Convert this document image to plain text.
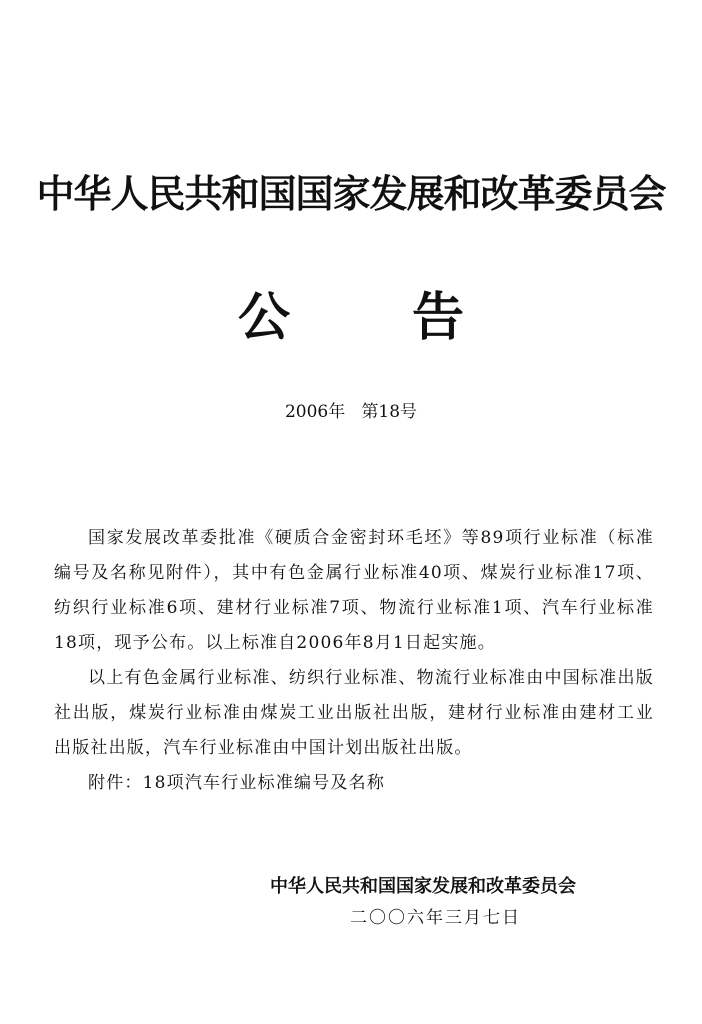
中华人民共和国国家发展和改革委员会
公 告
2006年   第18号

国家发展改革委批准《硬质合金密封环毛坯》等89项行业标准（标准编号及名称见附件），其中有色金属行业标准40项、煤炭行业标准17项、纺织行业标准6项、建材行业标准7项、物流行业标准1项、汽车行业标准18项，现予公布。以上标准自2006年8月1日起实施。

以上有色金属行业标准、纺织行业标准、物流行业标准由中国标准出版社出版，煤炭行业标准由煤炭工业出版社出版，建材行业标准由建材工业出版社出版，汽车行业标准由中国计划出版社出版。

附件：18项汽车行业标准编号及名称

中华人民共和国国家发展和改革委员会
二〇〇六年三月七日
